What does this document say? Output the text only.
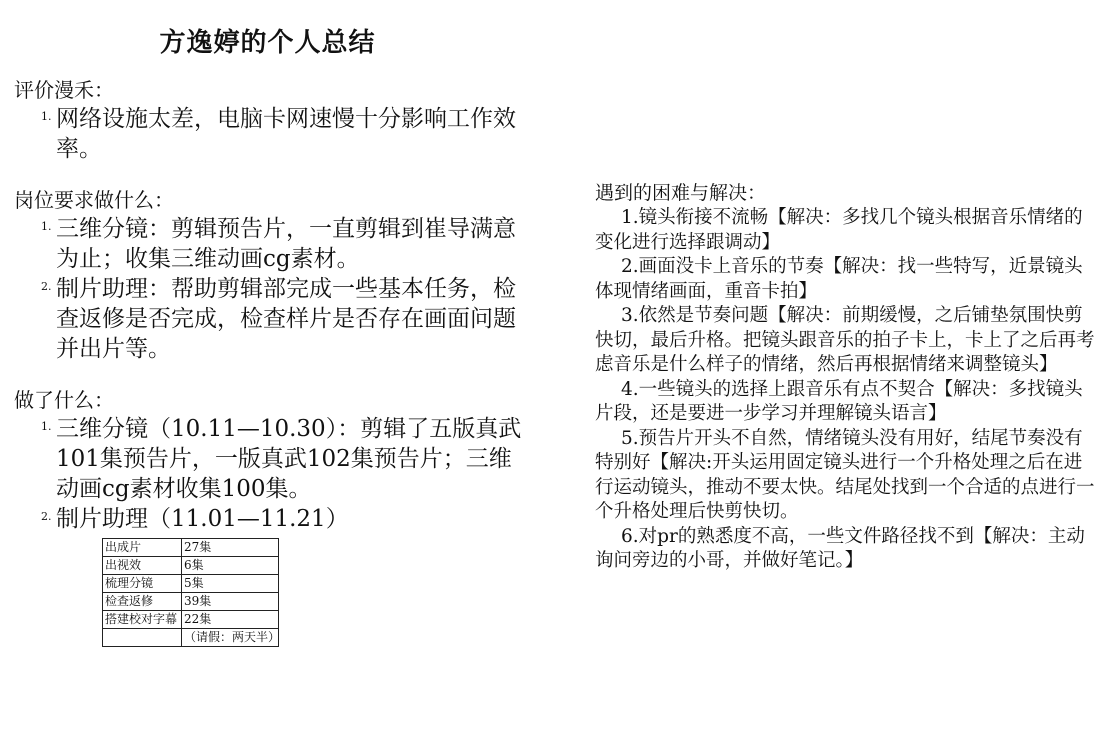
方逸婷的个人总结
评价漫禾：
1. 网络设施太差，电脑卡网速慢十分影响工作效率。
岗位要求做什么：
1. 三维分镜：剪辑预告片，一直剪辑到崔导满意为止；收集三维动画cg素材。
2. 制片助理：帮助剪辑部完成一些基本任务，检查返修是否完成，检查样片是否存在画面问题并出片等。
做了什么：
1. 三维分镜（10.11—10.30）：剪辑了五版真武101集预告片，一版真武102集预告片；三维动画cg素材收集100集。
2. 制片助理（11.01—11.21）
出成片	27集
出视效	6集
梳理分镜	5集
检查返修	39集
搭建校对字幕	22集
	（请假：两天半）
遇到的困难与解决：
1.镜头衔接不流畅【解决：多找几个镜头根据音乐情绪的变化进行选择跟调动】
2.画面没卡上音乐的节奏【解决：找一些特写，近景镜头体现情绪画面，重音卡拍】
3.依然是节奏问题【解决：前期缓慢，之后铺垫氛围快剪快切，最后升格。把镜头跟音乐的拍子卡上，卡上了之后再考虑音乐是什么样子的情绪，然后再根据情绪来调整镜头】
4.一些镜头的选择上跟音乐有点不契合【解决：多找镜头片段，还是要进一步学习并理解镜头语言】
5.预告片开头不自然，情绪镜头没有用好，结尾节奏没有特别好【解决:开头运用固定镜头进行一个升格处理之后在进行运动镜头，推动不要太快。结尾处找到一个合适的点进行一个升格处理后快剪快切。
6.对pr的熟悉度不高，一些文件路径找不到【解决：主动询问旁边的小哥，并做好笔记。】
